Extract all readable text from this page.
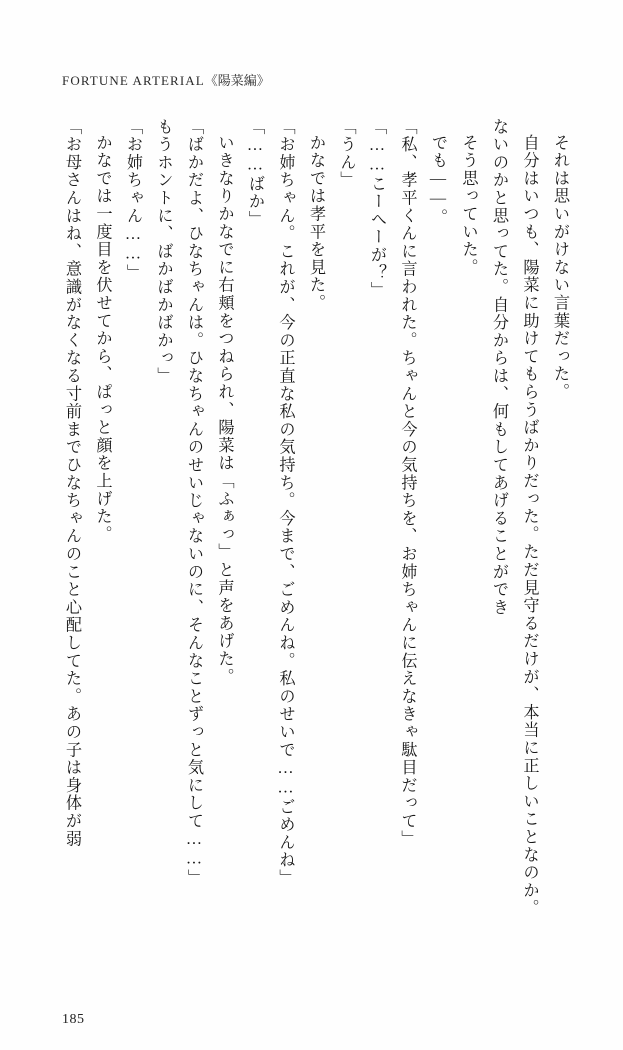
FORTUNE ARTERIAL《陽菜編》

それは思いがけない言葉だった。

自分はいつも、陽菜に助けてもらうばかりだった。ただ見守るだけが、本当に正しいことなのか。

ないのかと思ってた。自分からは、何もしてあげることができ

そう思っていた。

でも——。

「私、孝平くんに言われた。ちゃんと今の気持ちを、お姉ちゃんに伝えなきゃ駄目だって」

「……こーへーが？」

「うん」

かなでは孝平を見た。

「お姉ちゃん。これが、今の正直な私の気持ち。今まで、ごめんね。私のせいで……ごめんね」

「……ばか」

いきなりかなでに右頬をつねられ、陽菜は「ふぁっ」と声をあげた。

「ばかだよ、ひなちゃんは。ひなちゃんのせいじゃないのに、そんなことずっと気にして……」

もうホントに、ばかばかばかっ」

「お姉ちゃん……」

かなでは一度目を伏せてから、ぱっと顔を上げた。

「お母さんはね、意識がなくなる寸前までひなちゃんのこと心配してた。あの子は身体が弱

185
